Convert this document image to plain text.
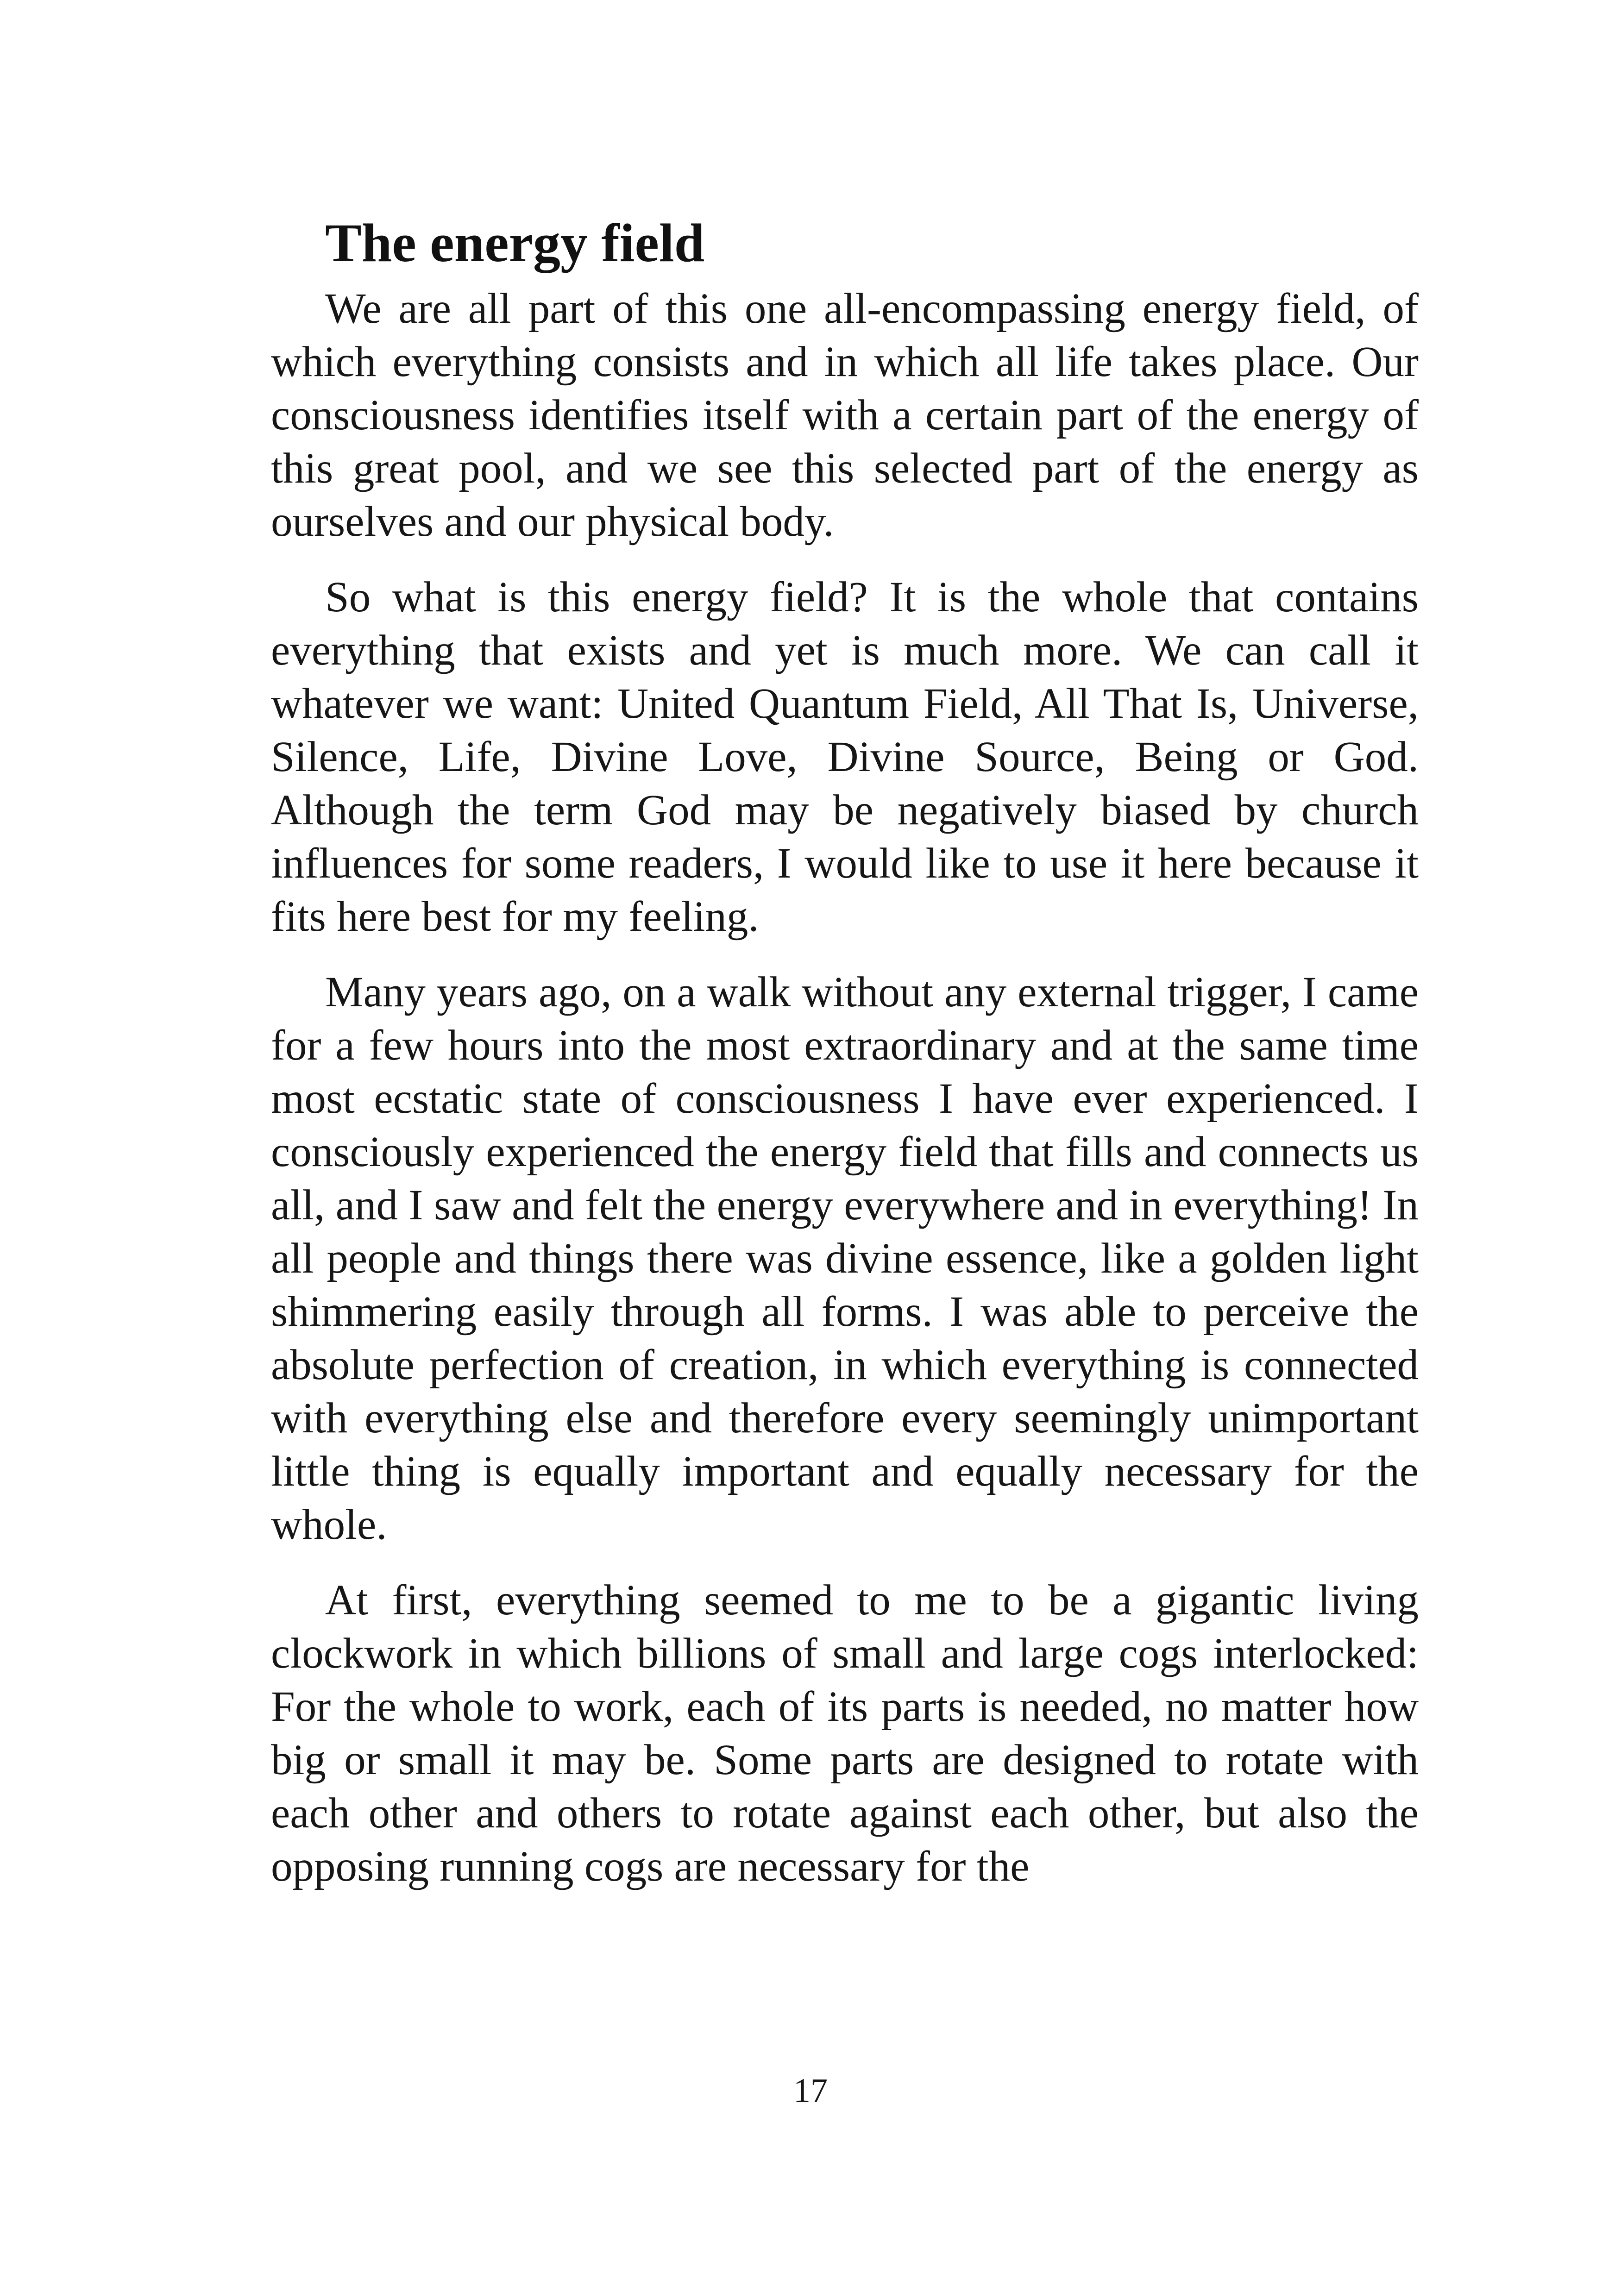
The energy field

We are all part of this one all-encompassing energy field, of which everything consists and in which all life takes place. Our consciousness identifies itself with a certain part of the energy of this great pool, and we see this selected part of the energy as ourselves and our physical body.

So what is this energy field? It is the whole that contains everything that exists and yet is much more. We can call it whatever we want: United Quantum Field, All That Is, Universe, Silence, Life, Divine Love, Divine Source, Being or God. Although the term God may be negatively biased by church influences for some readers, I would like to use it here because it fits here best for my feeling.

Many years ago, on a walk without any external trigger, I came for a few hours into the most extraordinary and at the same time most ecstatic state of consciousness I have ever experienced. I consciously experienced the energy field that fills and connects us all, and I saw and felt the energy everywhere and in everything! In all people and things there was divine essence, like a golden light shimmering easily through all forms. I was able to perceive the absolute perfection of creation, in which everything is connected with everything else and therefore every seemingly unimportant little thing is equally important and equally necessary for the whole.

At first, everything seemed to me to be a gigantic living clockwork in which billions of small and large cogs interlocked: For the whole to work, each of its parts is needed, no matter how big or small it may be. Some parts are designed to rotate with each other and others to rotate against each other, but also the opposing running cogs are necessary for the

17
